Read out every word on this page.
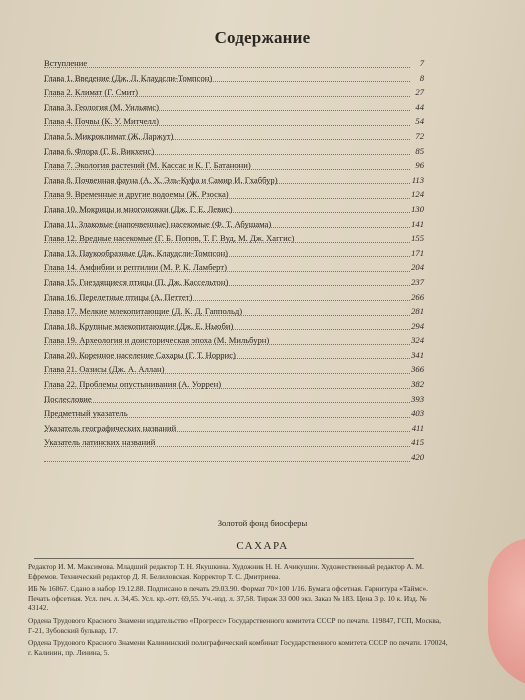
Содержание
Вступление	7
Глава 1. Введение (Дж. Л. Клаудсли-Томпсон)	8
Глава 2. Климат (Г. Смит)	27
Глава 3. Геология (М. Уильямс)	44
Глава 4. Почвы (К. У. Митчелл)	54
Глава 5. Микроклимат (Ж. Ларжут)	72
Глава 6. Флора (Г. Б. Викхенс)	85
Глава 7. Экология растений (М. Кассас и К. Г. Батанони)	96
Глава 8. Почвенная фауна (А. Х. Эль-Куфа и Самир И. Гхаббур)	113
Глава 9. Временные и другие водоемы (Ж. Рзоска)	124
Глава 10. Мокрицы и многоножки (Дж. Г. Е. Левис)	130
Глава 11. Злаковые (напочвенные) насекомые (Ф. Т. Абушама)	141
Глава 12. Вредные насекомые (Г. Б. Попов, Т. Г. Вуд, М. Дж. Хаггис)	155
Глава 13. Паукообразные (Дж. Клаудсли-Томпсон)	171
Глава 14. Амфибии и рептилии (М. Р. К. Ламберт)	204
Глава 15. Гнездящиеся птицы (П. Дж. Кассельтон)	237
Глава 16. Перелетные птицы (А. Петтет)	266
Глава 17. Мелкие млекопитающие (Д. К. Д. Гаппольд)	281
Глава 18. Крупные млекопитающие (Дж. Е. Ньюби)	294
Глава 19. Археология и доисторическая эпоха (М. Мильбурн)	324
Глава 20. Коренное население Сахары (Г. Т. Норрис)	341
Глава 21. Оазисы (Дж. А. Аллан)	366
Глава 22. Проблемы опустынивания (А. Уоррен)	382
Послесловие	393
Предметный указатель	403
Указатель географических названий	411
Указатель латинских названий	415
420
Золотой фонд биосферы
САХАРА

Редактор И. М. Максимова. Младший редактор Т. Н. Якушкина. Художник Н. Н. Ачикушин. Художественный редактор А. М. Ефремов. Технический редактор Д. Я. Белиловская. Корректор Т. С. Дмитриева.

ИБ № 16867. Сдано в набор 19.12.88. Подписано в печать 29.03.90. Формат 70×100 1/16. Бумага офсетная. Гарнитура «Таймс». Печать офсетная. Усл. печ. л. 34,45. Усл. кр.-отт. 69,55. Уч.-изд. л. 37,58. Тираж 33 000 экз. Заказ № 183. Цена 3 р. 10 к. Изд. № 43142.

Ордена Трудового Красного Знамени издательство «Прогресс» Государственного комитета СССР по печати. 119847, ГСП, Москва, Г-21, Зубовский бульвар, 17.

Ордена Трудового Красного Знамени Калининский полиграфический комбинат Государственного комитета СССР по печати. 170024, г. Калинин, пр. Ленина, 5.
